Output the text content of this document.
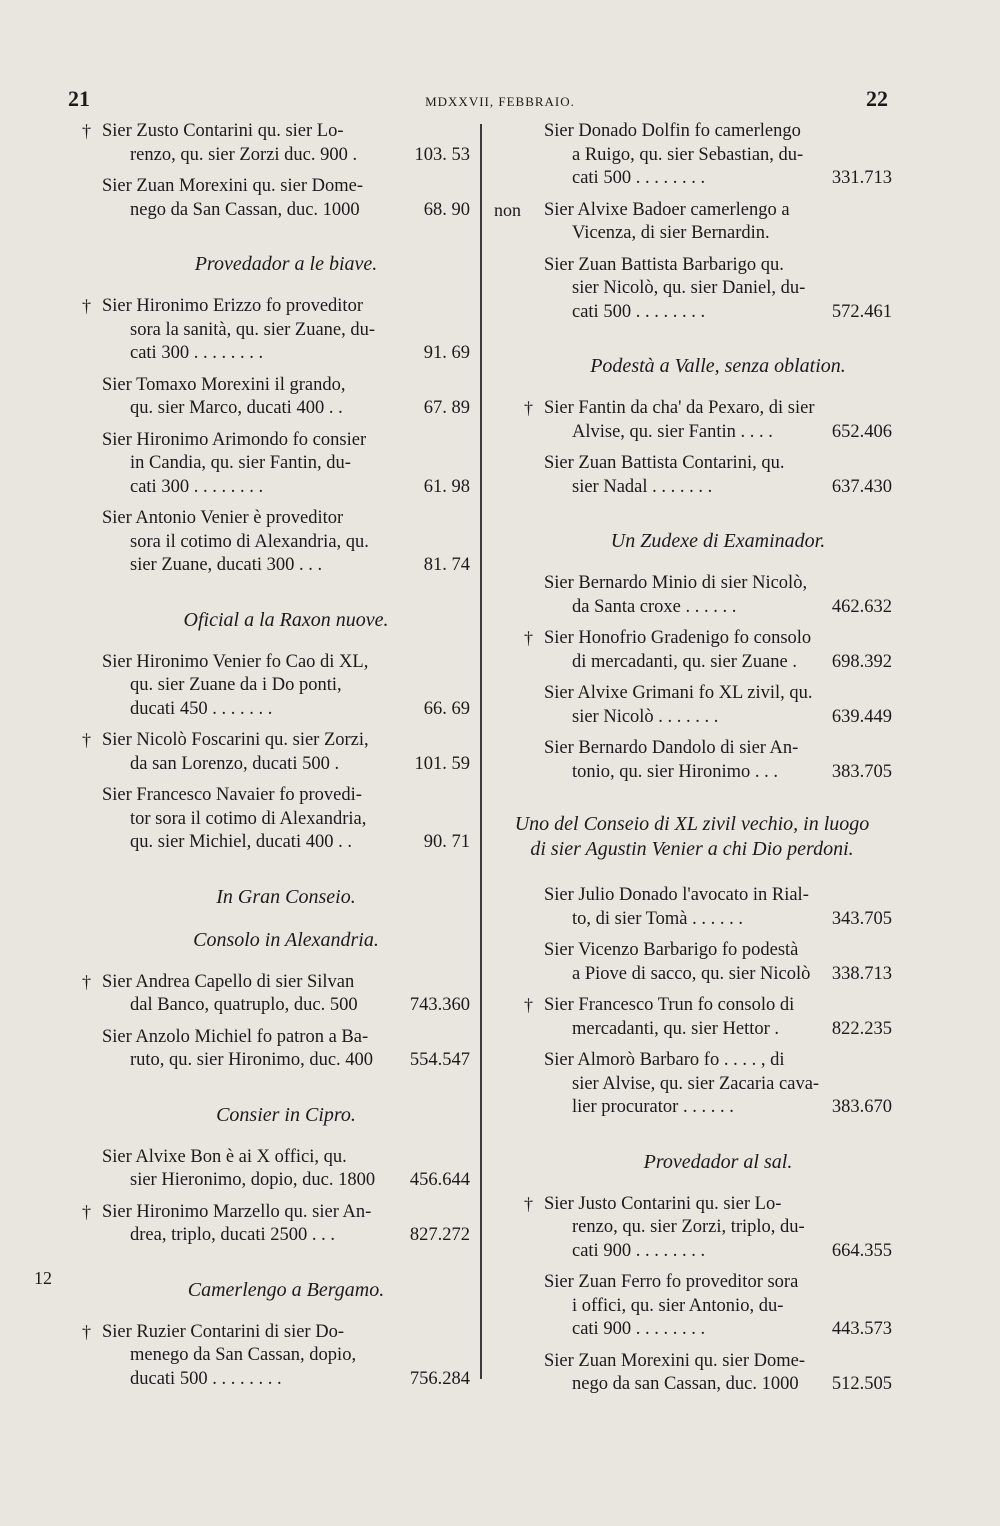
21	MDXXVII, FEBBRAIO.	22
12
† Sier Zusto Contarini qu. sier Lo-
renzo, qu. sier Zorzi duc. 900 .	103. 53
Sier Zuan Morexini qu. sier Dome-
nego da San Cassan, duc. 1000	68. 90
Provedador a le biave.
† Sier Hironimo Erizzo fo proveditor
sora la sanità, qu. sier Zuane, du-
cati 300 . . . . . . . .	91. 69
Sier Tomaxo Morexini il grando,
qu. sier Marco, ducati 400 . .	67. 89
Sier Hironimo Arimondo fo consier
in Candia, qu. sier Fantin, du-
cati 300 . . . . . . . .	61. 98
Sier Antonio Venier è proveditor
sora il cotimo di Alexandria, qu.
sier Zuane, ducati 300 . . .	81. 74
Oficial a la Raxon nuove.
Sier Hironimo Venier fo Cao di XL,
qu. sier Zuane da i Do ponti,
ducati 450 . . . . . . .	66. 69
† Sier Nicolò Foscarini qu. sier Zorzi,
da san Lorenzo, ducati 500 .	101. 59
Sier Francesco Navaier fo provedi-
tor sora il cotimo di Alexandria,
qu. sier Michiel, ducati 400 . .	90. 71
In Gran Conseio.
Consolo in Alexandria.
† Sier Andrea Capello di sier Silvan
dal Banco, quatruplo, duc. 500	743.360
Sier Anzolo Michiel fo patron a Ba-
ruto, qu. sier Hironimo, duc. 400 554.547
Consier in Cipro.
Sier Alvixe Bon è ai X offici, qu.
sier Hieronimo, dopio, duc. 1800 456.644
† Sier Hironimo Marzello qu. sier An-
drea, triplo, ducati 2500 . . .	827.272
Camerlengo a Bergamo.
† Sier Ruzier Contarini di sier Do-
menego da San Cassan, dopio,
ducati 500 . . . . . . . .	756.284
Sier Donado Dolfin fo camerlengo
a Ruigo, qu. sier Sebastian, du-
cati 500 . . . . . . . .	331.713
non Sier Alvixe Badoer camerlengo a
Vicenza, di sier Bernardin.
Sier Zuan Battista Barbarigo qu.
sier Nicolò, qu. sier Daniel, du-
cati 500 . . . . . . . .	572.461
Podestà a Valle, senza oblation.
† Sier Fantin da cha' da Pexaro, di sier
Alvise, qu. sier Fantin . . . .	652.406
Sier Zuan Battista Contarini, qu.
sier Nadal . . . . . . .	637.430
Un Zudexe di Examinador.
Sier Bernardo Minio di sier Nicolò,
da Santa croxe . . . . . .	462.632
† Sier Honofrio Gradenigo fo consolo
di mercadanti, qu. sier Zuane . 698.392
Sier Alvixe Grimani fo XL zivil, qu.
sier Nicolò . . . . . . .	639.449
Sier Bernardo Dandolo di sier An-
tonio, qu. sier Hironimo . . .	383.705
Uno del Conseio di XL zivil vechio, in luogo
di sier Agustin Venier a chi Dio perdoni.
Sier Julio Donado l'avocato in Rial-
to, di sier Tomà . . . . . .	343.705
Sier Vicenzo Barbarigo fo podestà
a Piove di sacco, qu. sier Nicolò 338.713
† Sier Francesco Trun fo consolo di
mercadanti, qu. sier Hettor .	822.235
Sier Almorò Barbaro fo . . . . , di
sier Alvise, qu. sier Zacaria cava-
lier procurator . . . . . .	383.670
Provedador al sal.
† Sier Justo Contarini qu. sier Lo-
renzo, qu. sier Zorzi, triplo, du-
cati 900 . . . . . . . .	664.355
Sier Zuan Ferro fo proveditor sora
i offici, qu. sier Antonio, du-
cati 900 . . . . . . . .	443.573
Sier Zuan Morexini qu. sier Dome-
nego da san Cassan, duc. 1000 512.505
